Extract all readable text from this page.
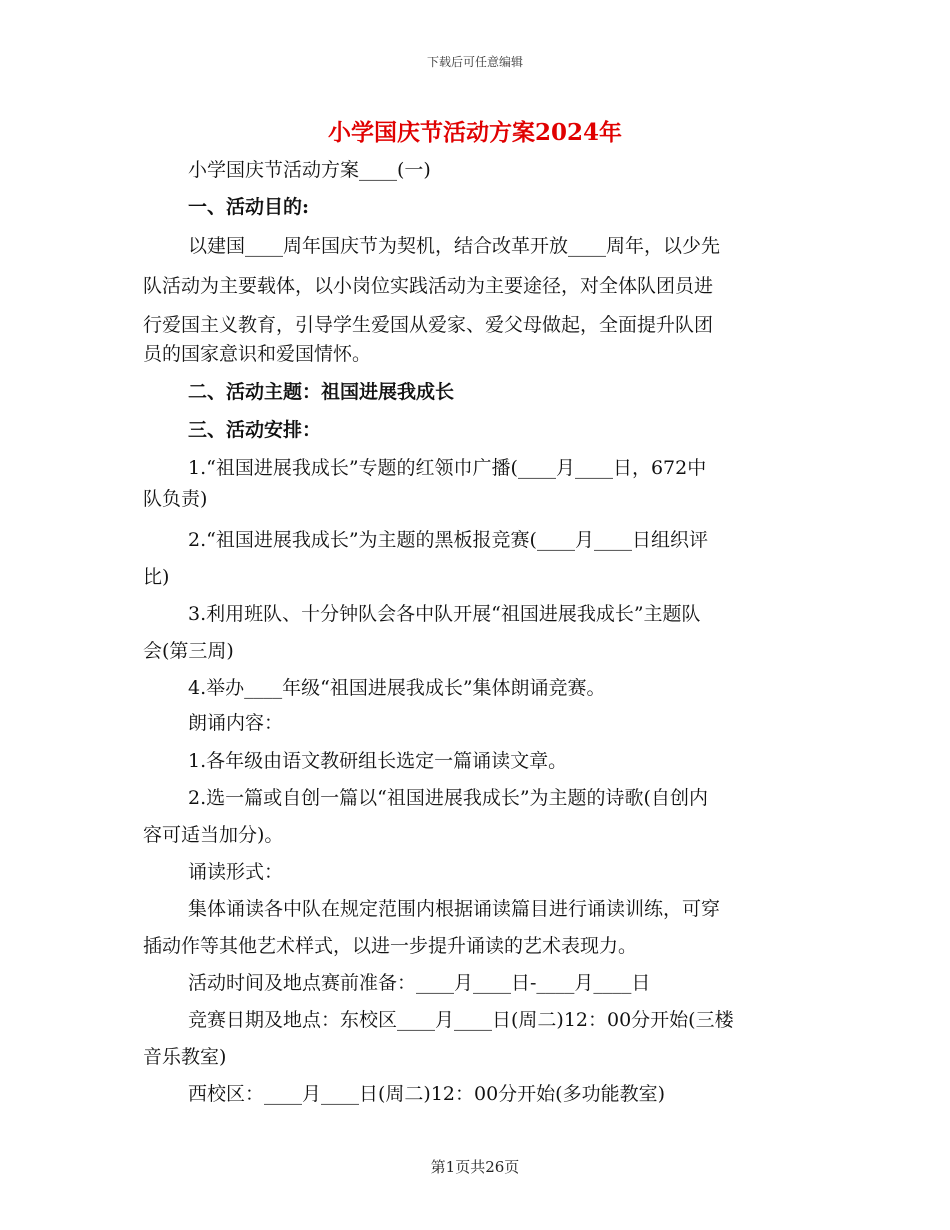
下载后可任意编辑
小学国庆节活动方案2024年
小学国庆节活动方案____(一)
一、活动目的:
以建国____周年国庆节为契机，结合改革开放____周年，以少先
队活动为主要载体，以小岗位实践活动为主要途径，对全体队团员进
行爱国主义教育，引导学生爱国从爱家、爱父母做起，全面提升队团
员的国家意识和爱国情怀。
二、活动主题：祖国进展我成长
三、活动安排：
1.“祖国进展我成长”专题的红领巾广播(____月____日，672中
队负责)
2.“祖国进展我成长”为主题的黑板报竞赛(____月____日组织评
比)
3.利用班队、十分钟队会各中队开展“祖国进展我成长”主题队
会(第三周)
4.举办____年级“祖国进展我成长”集体朗诵竞赛。
朗诵内容：
1.各年级由语文教研组长选定一篇诵读文章。
2.选一篇或自创一篇以“祖国进展我成长”为主题的诗歌(自创内
容可适当加分)。
诵读形式：
集体诵读各中队在规定范围内根据诵读篇目进行诵读训练，可穿
插动作等其他艺术样式，以进一步提升诵读的艺术表现力。
活动时间及地点赛前准备：____月____日-____月____日
竞赛日期及地点：东校区____月____日(周二)12：00分开始(三楼
音乐教室)
西校区：____月____日(周二)12：00分开始(多功能教室)
第1页共26页
